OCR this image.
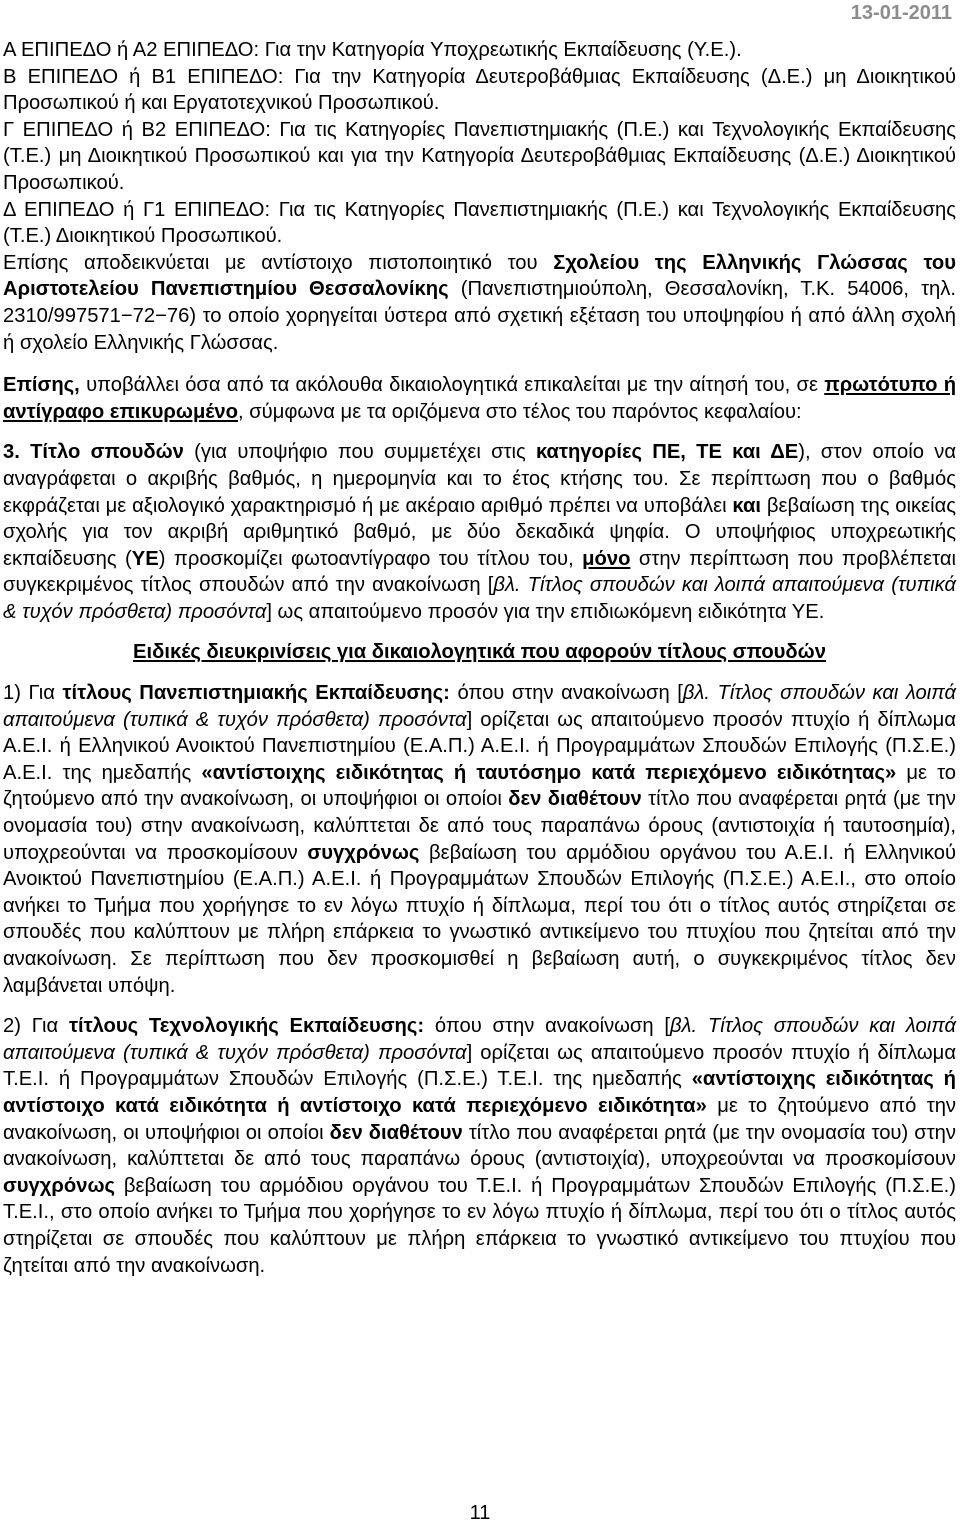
13-01-2011

Α ΕΠΙΠΕΔΟ ή Α2 ΕΠΙΠΕΔΟ: Για την Κατηγορία Υποχρεωτικής Εκπαίδευσης (Υ.Ε.).

Β ΕΠΙΠΕΔΟ ή Β1 ΕΠΙΠΕΔΟ: Για την Κατηγορία Δευτεροβάθμιας Εκπαίδευσης (Δ.Ε.) μη Διοικητικού Προσωπικού ή και Εργατοτεχνικού Προσωπικού.

Γ ΕΠΙΠΕΔΟ ή Β2 ΕΠΙΠΕΔΟ: Για τις Κατηγορίες Πανεπιστημιακής (Π.Ε.) και Τεχνολογικής Εκπαίδευσης (Τ.Ε.) μη Διοικητικού Προσωπικού και για την Κατηγορία Δευτεροβάθμιας Εκπαίδευσης (Δ.Ε.) Διοικητικού Προσωπικού.

Δ ΕΠΙΠΕΔΟ ή Γ1 ΕΠΙΠΕΔΟ: Για τις Κατηγορίες Πανεπιστημιακής (Π.Ε.) και Τεχνολογικής Εκπαίδευσης (Τ.Ε.) Διοικητικού Προσωπικού.

Επίσης αποδεικνύεται με αντίστοιχο πιστοποιητικό του Σχολείου της Ελληνικής Γλώσσας του Αριστοτελείου Πανεπιστημίου Θεσσαλονίκης (Πανεπιστημιούπολη, Θεσσαλονίκη, Τ.Κ. 54006, τηλ. 2310/997571−72−76) το οποίο χορηγείται ύστερα από σχετική εξέταση του υποψηφίου ή από άλλη σχολή ή σχολείο Ελληνικής Γλώσσας.

Επίσης, υποβάλλει όσα από τα ακόλουθα δικαιολογητικά επικαλείται με την αίτησή του, σε πρωτότυπο ή αντίγραφο επικυρωμένο, σύμφωνα με τα οριζόμενα στο τέλος του παρόντος κεφαλαίου:

3. Τίτλο σπουδών (για υποψήφιο που συμμετέχει στις κατηγορίες ΠΕ, ΤΕ και ΔΕ), στον οποίο να αναγράφεται ο ακριβής βαθμός, η ημερομηνία και το έτος κτήσης του. Σε περίπτωση που ο βαθμός εκφράζεται με αξιολογικό χαρακτηρισμό ή με ακέραιο αριθμό πρέπει να υποβάλει και βεβαίωση της οικείας σχολής για τον ακριβή αριθμητικό βαθμό, με δύο δεκαδικά ψηφία. Ο υποψήφιος υποχρεωτικής εκπαίδευσης (ΥΕ) προσκομίζει φωτοαντίγραφο του τίτλου του, μόνο στην περίπτωση που προβλέπεται συγκεκριμένος τίτλος σπουδών από την ανακοίνωση [βλ. Τίτλος σπουδών και λοιπά απαιτούμενα (τυπικά & τυχόν πρόσθετα) προσόντα] ως απαιτούμενο προσόν για την επιδιωκόμενη ειδικότητα ΥΕ.

Ειδικές διευκρινίσεις για δικαιολογητικά που αφορούν τίτλους σπουδών

1) Για τίτλους Πανεπιστημιακής Εκπαίδευσης: όπου στην ανακοίνωση [βλ. Τίτλος σπουδών και λοιπά απαιτούμενα (τυπικά & τυχόν πρόσθετα) προσόντα] ορίζεται ως απαιτούμενο προσόν πτυχίο ή δίπλωμα Α.Ε.Ι. ή Ελληνικού Ανοικτού Πανεπιστημίου (Ε.Α.Π.) Α.Ε.Ι. ή Προγραμμάτων Σπουδών Επιλογής (Π.Σ.Ε.) Α.Ε.Ι. της ημεδαπής «αντίστοιχης ειδικότητας ή ταυτόσημο κατά περιεχόμενο ειδικότητας» με το ζητούμενο από την ανακοίνωση, οι υποψήφιοι οι οποίοι δεν διαθέτουν τίτλο που αναφέρεται ρητά (με την ονομασία του) στην ανακοίνωση, καλύπτεται δε από τους παραπάνω όρους (αντιστοιχία ή ταυτοσημία), υποχρεούνται να προσκομίσουν συγχρόνως βεβαίωση του αρμόδιου οργάνου του Α.Ε.Ι. ή Ελληνικού Ανοικτού Πανεπιστημίου (Ε.Α.Π.) Α.Ε.Ι. ή Προγραμμάτων Σπουδών Επιλογής (Π.Σ.Ε.) Α.Ε.Ι., στο οποίο ανήκει το Τμήμα που χορήγησε το εν λόγω πτυχίο ή δίπλωμα, περί του ότι ο τίτλος αυτός στηρίζεται σε σπουδές που καλύπτουν με πλήρη επάρκεια το γνωστικό αντικείμενο του πτυχίου που ζητείται από την ανακοίνωση. Σε περίπτωση που δεν προσκομισθεί η βεβαίωση αυτή, ο συγκεκριμένος τίτλος δεν λαμβάνεται υπόψη.

2) Για τίτλους Τεχνολογικής Εκπαίδευσης: όπου στην ανακοίνωση [βλ. Τίτλος σπουδών και λοιπά απαιτούμενα (τυπικά & τυχόν πρόσθετα) προσόντα] ορίζεται ως απαιτούμενο προσόν πτυχίο ή δίπλωμα Τ.Ε.Ι. ή Προγραμμάτων Σπουδών Επιλογής (Π.Σ.Ε.) Τ.Ε.Ι. της ημεδαπής «αντίστοιχης ειδικότητας ή αντίστοιχο κατά ειδικότητα ή αντίστοιχο κατά περιεχόμενο ειδικότητα» με το ζητούμενο από την ανακοίνωση, οι υποψήφιοι οι οποίοι δεν διαθέτουν τίτλο που αναφέρεται ρητά (με την ονομασία του) στην ανακοίνωση, καλύπτεται δε από τους παραπάνω όρους (αντιστοιχία), υποχρεούνται να προσκομίσουν συγχρόνως βεβαίωση του αρμόδιου οργάνου του Τ.Ε.Ι. ή Προγραμμάτων Σπουδών Επιλογής (Π.Σ.Ε.) Τ.Ε.Ι., στο οποίο ανήκει το Τμήμα που χορήγησε το εν λόγω πτυχίο ή δίπλωμα, περί του ότι ο τίτλος αυτός στηρίζεται σε σπουδές που καλύπτουν με πλήρη επάρκεια το γνωστικό αντικείμενο του πτυχίου που ζητείται από την ανακοίνωση.

11
